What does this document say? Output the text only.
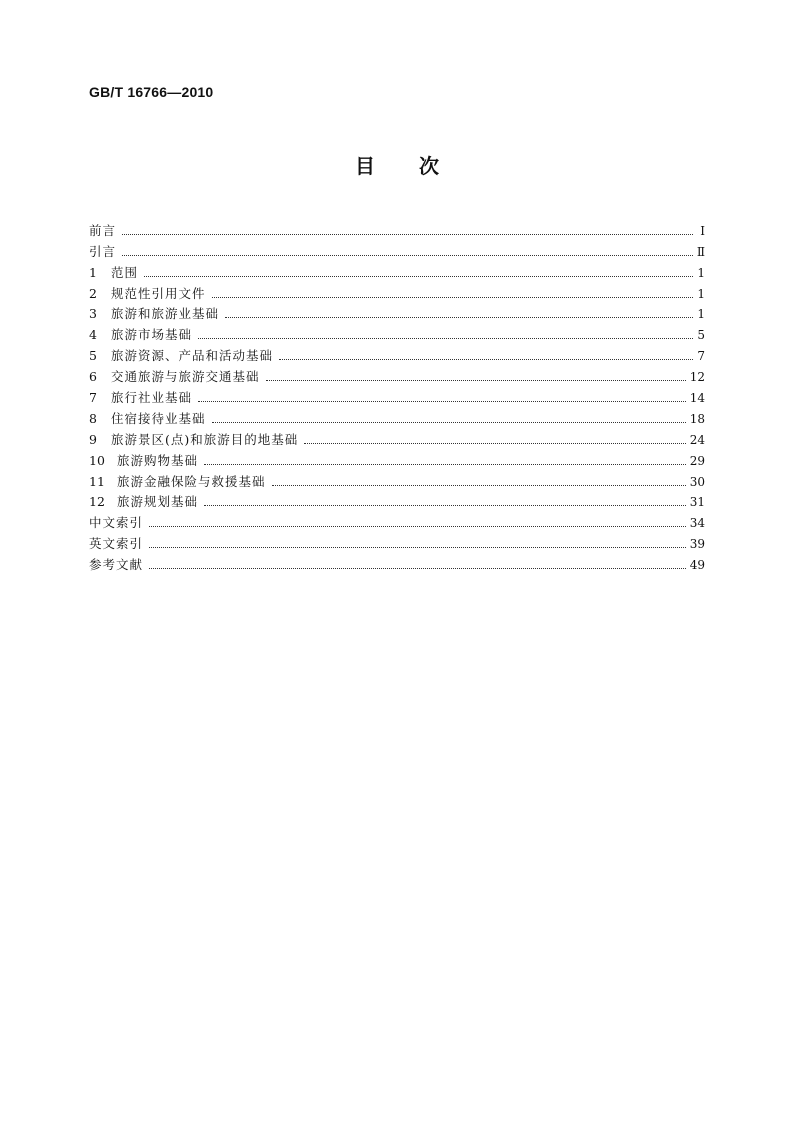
GB/T 16766—2010
目 次
前言	Ⅰ
引言	Ⅱ
1	范围	1
2	规范性引用文件	1
3	旅游和旅游业基础	1
4	旅游市场基础	5
5	旅游资源、产品和活动基础	7
6	交通旅游与旅游交通基础	12
7	旅行社业基础	14
8	住宿接待业基础	18
9	旅游景区(点)和旅游目的地基础	24
10 旅游购物基础	29
11 旅游金融保险与救援基础	30
12 旅游规划基础	31
中文索引	34
英文索引	39
参考文献	49
